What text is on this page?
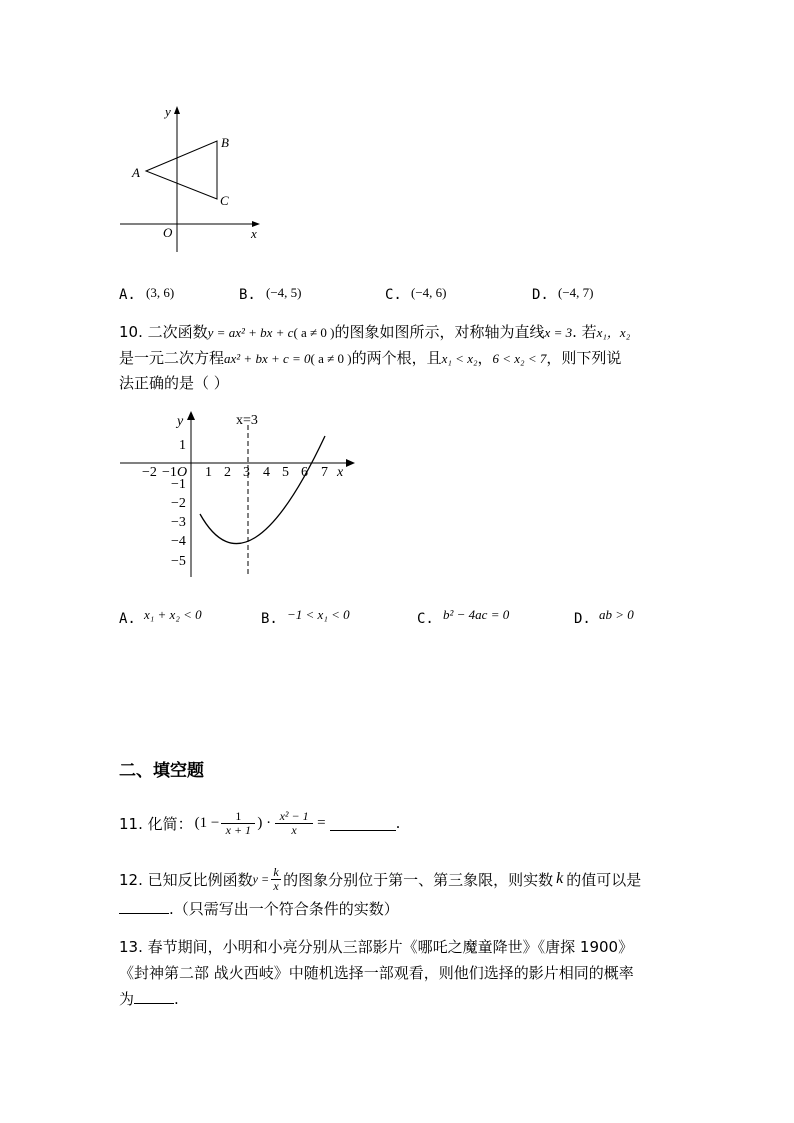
y
x
O
A
B
C
A. (3, 6)	B. (−4, 5)	C. (−4, 6)	D. (−4, 7)
10. 二次函数y = ax² + bx + c( a ≠ 0 )的图象如图所示，对称轴为直线x = 3. 若x₁，x₂
是一元二次方程ax² + bx + c = 0( a ≠ 0 )的两个根，且x₁ < x₂，6 < x₂ < 7，则下列说
法正确的是（ ）
y
x
O
x=3
−2 −1 1 2 3 4 5 6 7
1
−1
−2
−3
−4
−5
A. x₁ + x₂ < 0	B. −1 < x₁ < 0	C. b² − 4ac = 0	D. ab > 0
二、填空题
11. 化简： (1 − 1
x + 1 ) · x² − 1
x =	.
12. 已知反比例函数 y = k
x 的图象分别位于第一、第三象限，则实数 k 的值可以是
.（只需写出一个符合条件的实数）
13. 春节期间，小明和小亮分别从三部影片《哪吒之魔童降世》《唐探 1900》
《封神第二部 战火西岐》中随机选择一部观看，则他们选择的影片相同的概率
为	.
